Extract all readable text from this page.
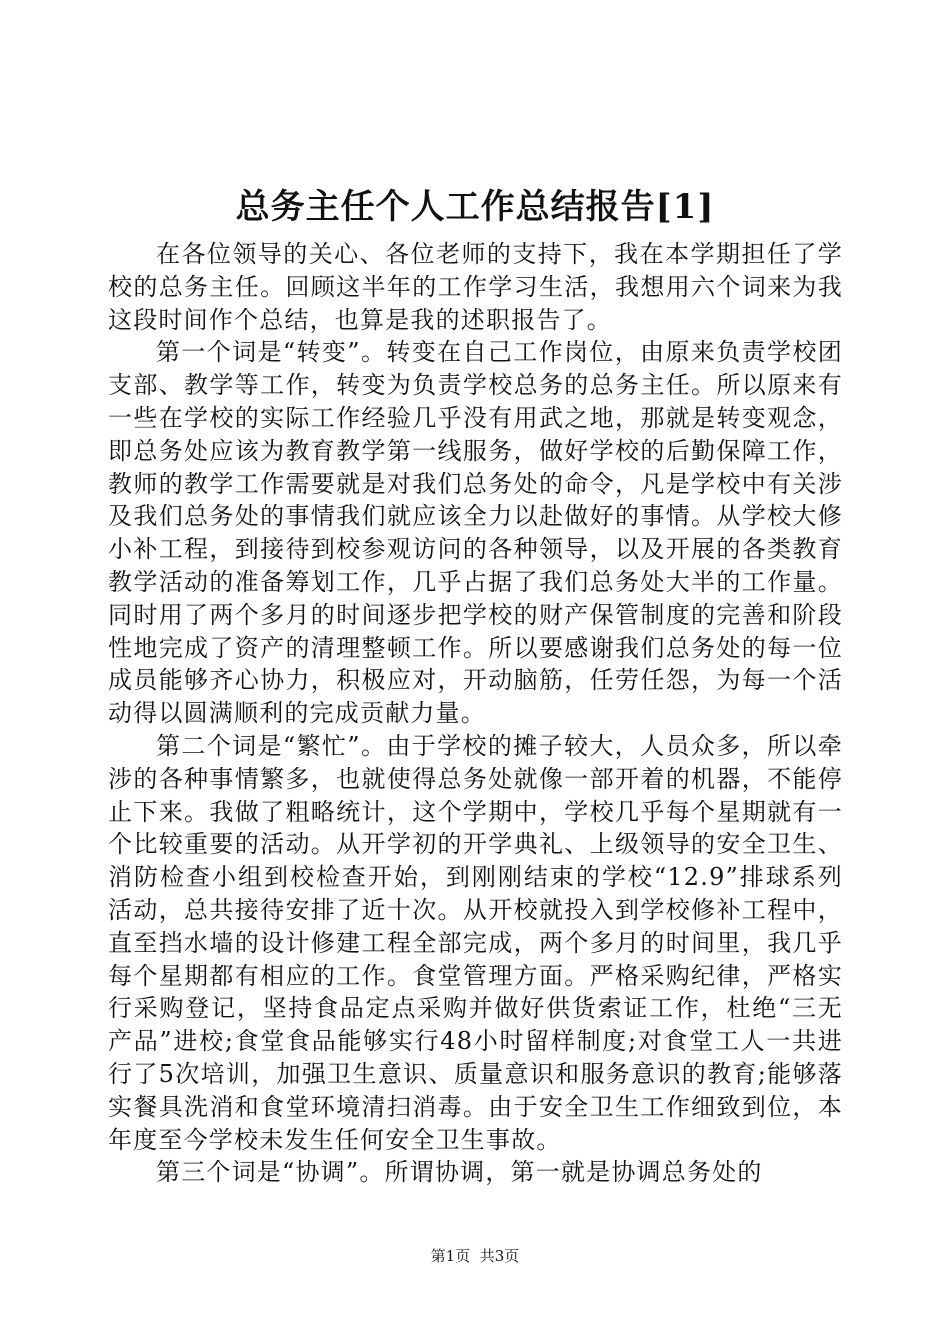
总务主任个人工作总结报告[1]

在各位领导的关心、各位老师的支持下，我在本学期担任了学校的总务主任。回顾这半年的工作学习生活，我想用六个词来为我这段时间作个总结，也算是我的述职报告了。

第一个词是“转变”。转变在自己工作岗位，由原来负责学校团支部、教学等工作，转变为负责学校总务的总务主任。所以原来有一些在学校的实际工作经验几乎没有用武之地，那就是转变观念，即总务处应该为教育教学第一线服务，做好学校的后勤保障工作，教师的教学工作需要就是对我们总务处的命令，凡是学校中有关涉及我们总务处的事情我们就应该全力以赴做好的事情。从学校大修小补工程，到接待到校参观访问的各种领导，以及开展的各类教育教学活动的准备筹划工作，几乎占据了我们总务处大半的工作量。同时用了两个多月的时间逐步把学校的财产保管制度的完善和阶段性地完成了资产的清理整顿工作。所以要感谢我们总务处的每一位成员能够齐心协力，积极应对，开动脑筋，任劳任怨，为每一个活动得以圆满顺利的完成贡献力量。

第二个词是“繁忙”。由于学校的摊子较大，人员众多，所以牵涉的各种事情繁多，也就使得总务处就像一部开着的机器，不能停止下来。我做了粗略统计，这个学期中，学校几乎每个星期就有一个比较重要的活动。从开学初的开学典礼、上级领导的安全卫生、消防检查小组到校检查开始，到刚刚结束的学校“12.9”排球系列活动，总共接待安排了近十次。从开校就投入到学校修补工程中，直至挡水墙的设计修建工程全部完成，两个多月的时间里，我几乎每个星期都有相应的工作。食堂管理方面。严格采购纪律，严格实行采购登记，坚持食品定点采购并做好供货索证工作，杜绝“三无产品”进校;食堂食品能够实行48小时留样制度;对食堂工人一共进行了5次培训，加强卫生意识、质量意识和服务意识的教育;能够落实餐具洗消和食堂环境清扫消毒。由于安全卫生工作细致到位，本年度至今学校未发生任何安全卫生事故。

第三个词是“协调”。所谓协调，第一就是协调总务处的

第1页 共3页
